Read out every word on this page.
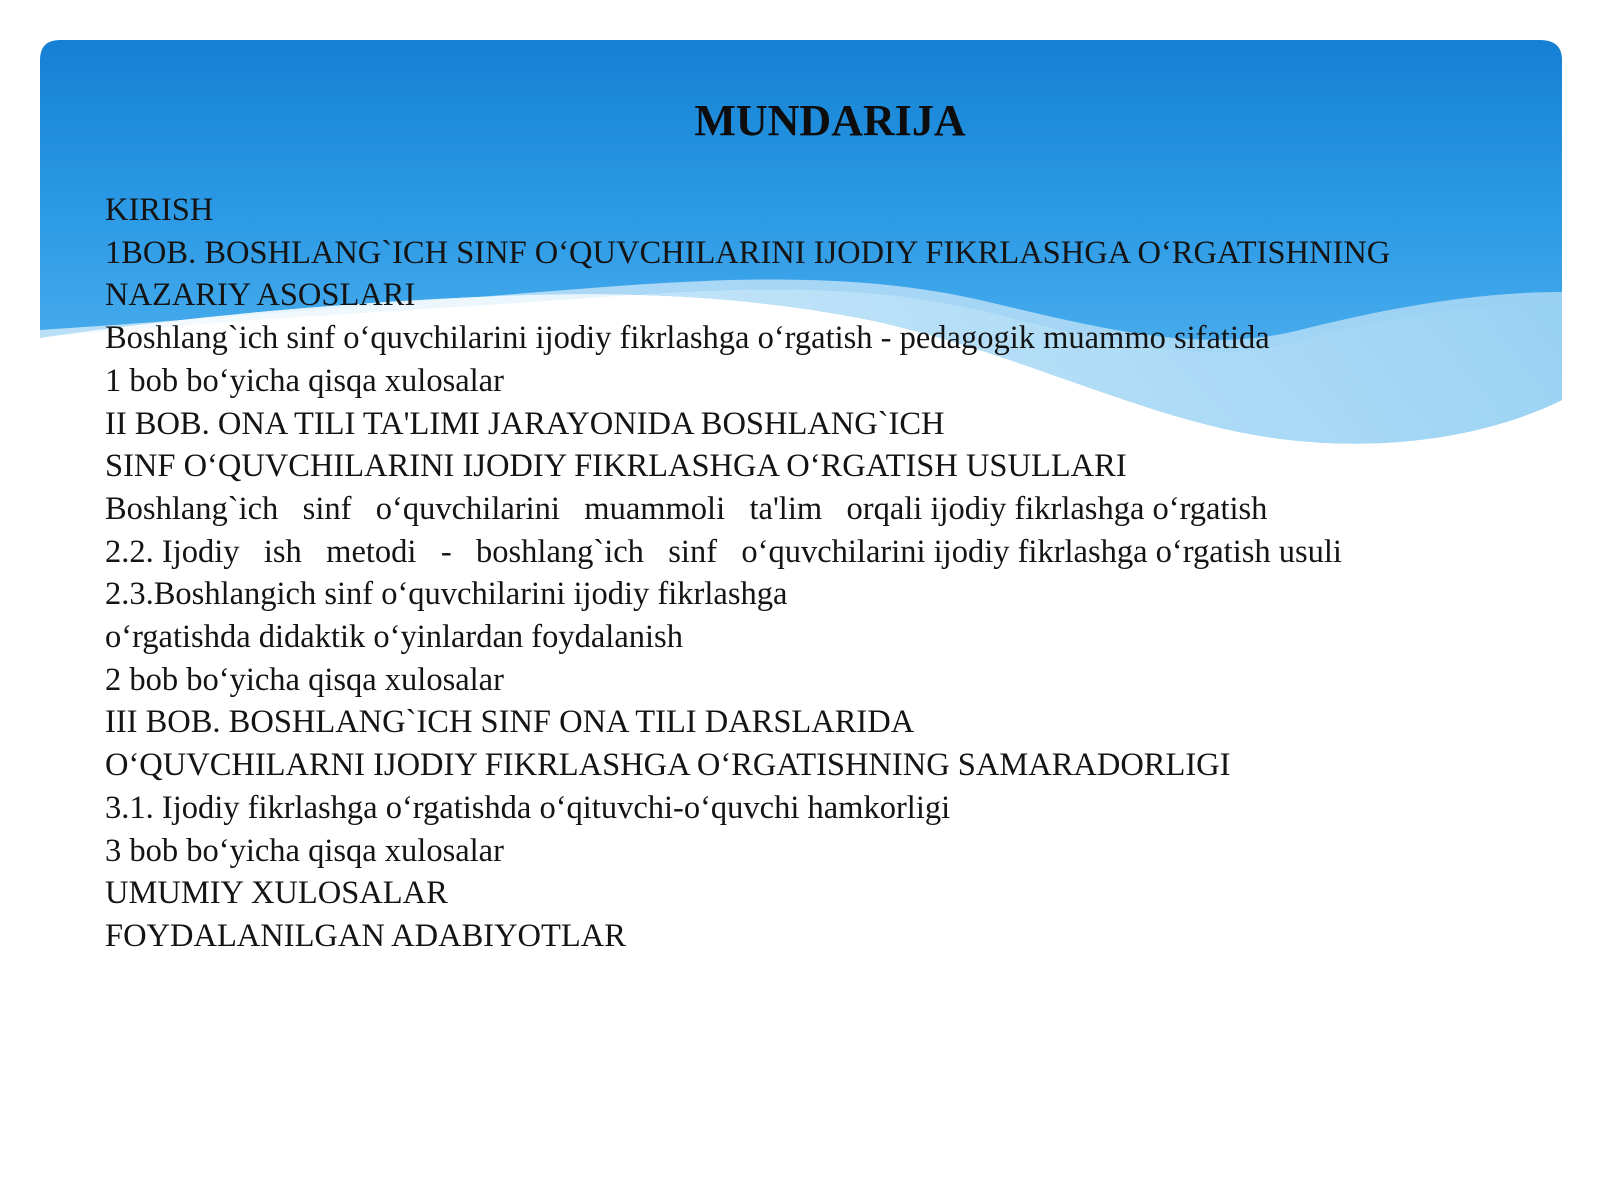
MUNDARIJA
KIRISH
1BOB. BOSHLANG`ICH SINF O‘QUVCHILARINI IJODIY FIKRLASHGA O‘RGATISHNING NAZARIY ASOSLARI
Boshlang`ich sinf o‘quvchilarini ijodiy fikrlashga o‘rgatish - pedagogik muammo sifatida
1 bob bo‘yicha qisqa xulosalar
II BOB. ONA TILI TA'LIMI JARAYONIDA BOSHLANG`ICH
SINF O‘QUVCHILARINI IJODIY FIKRLASHGA O‘RGATISH USULLARI
Boshlang`ich   sinf   o‘quvchilarini   muammoli   ta'lim   orqali ijodiy fikrlashga o‘rgatish
2.2. Ijodiy   ish   metodi   -   boshlang`ich   sinf   o‘quvchilarini ijodiy fikrlashga o‘rgatish usuli
2.3.Boshlangich sinf o‘quvchilarini ijodiy fikrlashga
o‘rgatishda didaktik o‘yinlardan foydalanish
2 bob bo‘yicha qisqa xulosalar
III BOB. BOSHLANG`ICH SINF ONA TILI DARSLARIDA
O‘QUVCHILARNI IJODIY FIKRLASHGA O‘RGATISHNING SAMARADORLIGI
3.1. Ijodiy fikrlashga o‘rgatishda o‘qituvchi-o‘quvchi hamkorligi
3 bob bo‘yicha qisqa xulosalar
UMUMIY XULOSALAR
FOYDALANILGAN ADABIYOTLAR
